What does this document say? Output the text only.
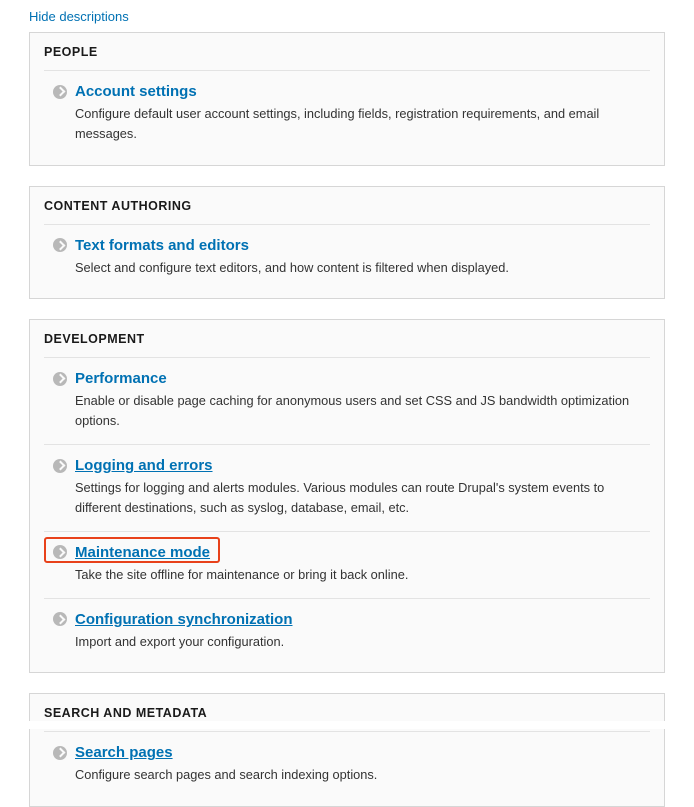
Hide descriptions
PEOPLE
Account settings
Configure default user account settings, including fields, registration requirements, and email messages.
CONTENT AUTHORING
Text formats and editors
Select and configure text editors, and how content is filtered when displayed.
DEVELOPMENT
Performance
Enable or disable page caching for anonymous users and set CSS and JS bandwidth optimization options.
Logging and errors
Settings for logging and alerts modules. Various modules can route Drupal's system events to different destinations, such as syslog, database, email, etc.
Maintenance mode
Take the site offline for maintenance or bring it back online.
Configuration synchronization
Import and export your configuration.
SEARCH AND METADATA
Search pages
Configure search pages and search indexing options.
